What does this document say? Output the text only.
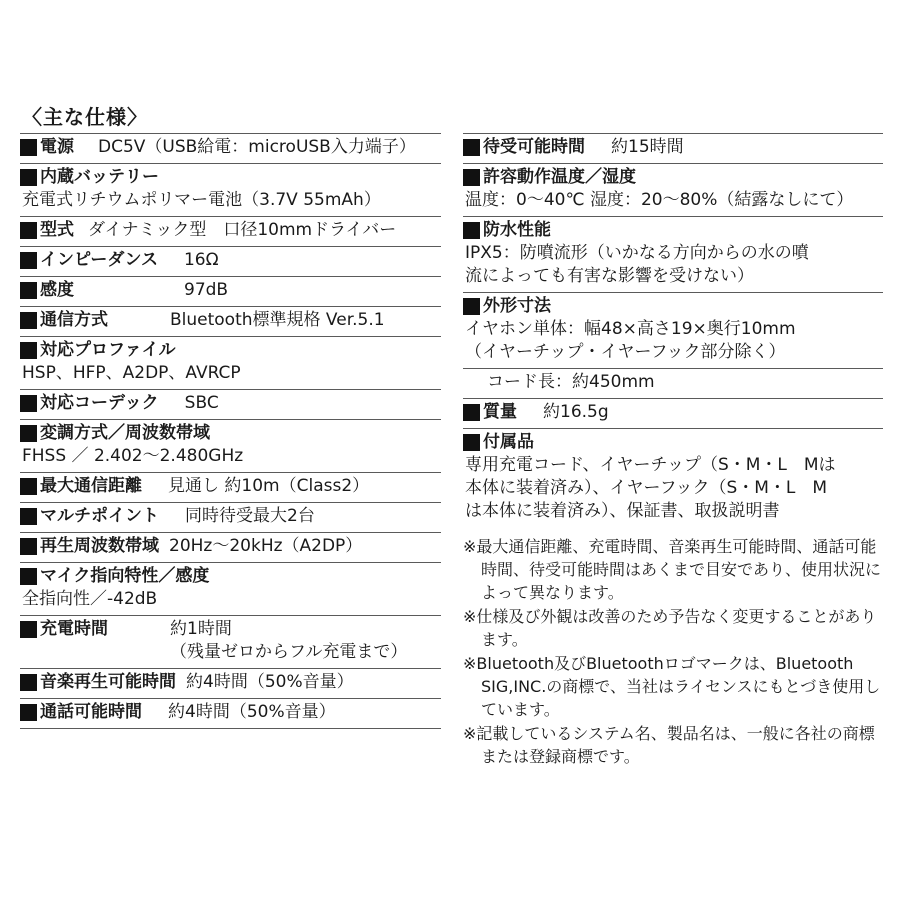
〈主な仕様〉
電源 DC5V（USB給電：microUSB入力端子）
内蔵バッテリー
充電式リチウムポリマー電池（3.7V 55mAh）
型式 ダイナミック型　口径10mmドライバー
インピーダンス 16Ω
感度	97dB
通信方式	Bluetooth標準規格 Ver.5.1
対応プロファイル
HSP、HFP、A2DP、AVRCP
対応コーデック SBC
変調方式／周波数帯域
FHSS ／ 2.402〜2.480GHz
最大通信距離 見通し 約10m（Class2）
マルチポイント 同時待受最大2台
再生周波数帯域 20Hz〜20kHz（A2DP）
マイク指向特性／感度
全指向性／-42dB
充電時間	約1時間
（残量ゼロからフル充電まで）
音楽再生可能時間 約4時間（50%音量）
通話可能時間 約4時間（50%音量）
待受可能時間 約15時間
許容動作温度／湿度
温度：0〜40℃ 湿度：20〜80%（結露なしにて）
防水性能
IPX5：防噴流形（いかなる方向からの水の噴
流によっても有害な影響を受けない）
外形寸法
イヤホン単体：幅48×高さ19×奥行10mm
（イヤーチップ・イヤーフック部分除く）
コード長：約450mm
質量 約16.5g
付属品
専用充電コード、イヤーチップ（S・M・L　Mは
本体に装着済み）、イヤーフック（S・M・L　M
は本体に装着済み）、保証書、取扱説明書
※最大通信距離、充電時間、音楽再生可能時間、通話可能時間、待受可能時間はあくまで目安であり、使用状況によって異なります。
※仕様及び外観は改善のため予告なく変更することがあります。
※Bluetooth及びBluetoothロゴマークは、Bluetooth SIG,INC.の商標で、当社はライセンスにもとづき使用しています。
※記載しているシステム名、製品名は、一般に各社の商標または登録商標です。
